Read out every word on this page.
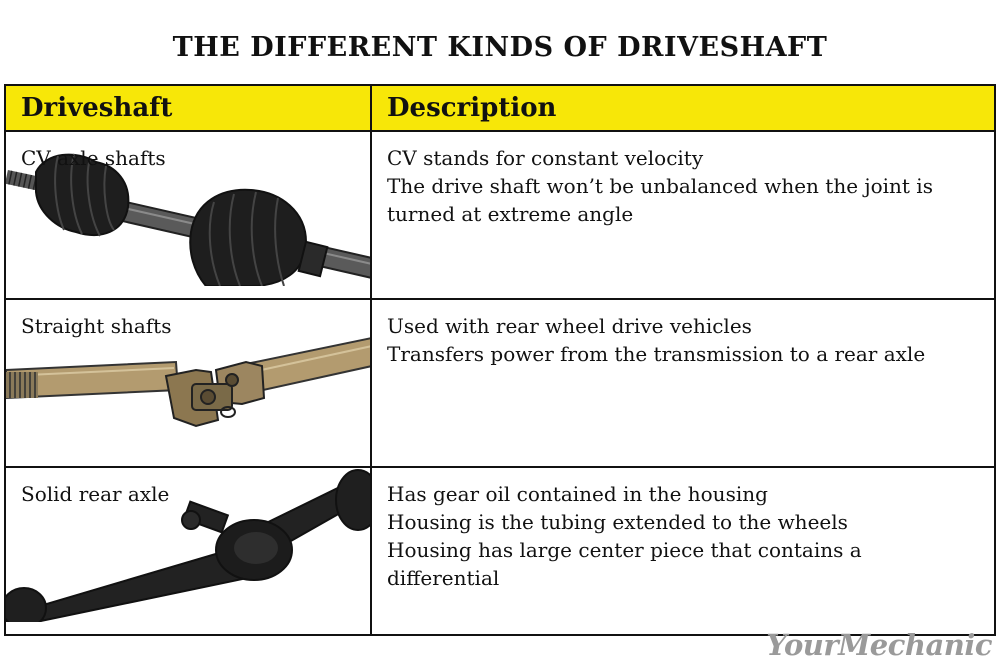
THE DIFFERENT KINDS OF DRIVESHAFT
Driveshaft	Description

CV axle shafts	CV stands for constant velocity
The drive shaft won’t be unbalanced when the joint is
turned at extreme angle

Straight shafts	Used with rear wheel drive vehicles
Transfers power from the transmission to a rear axle

Solid rear axle	Has gear oil contained in the housing
Housing is the tubing extended to the wheels
Housing has large center piece that contains a
differential
YourMechanic
